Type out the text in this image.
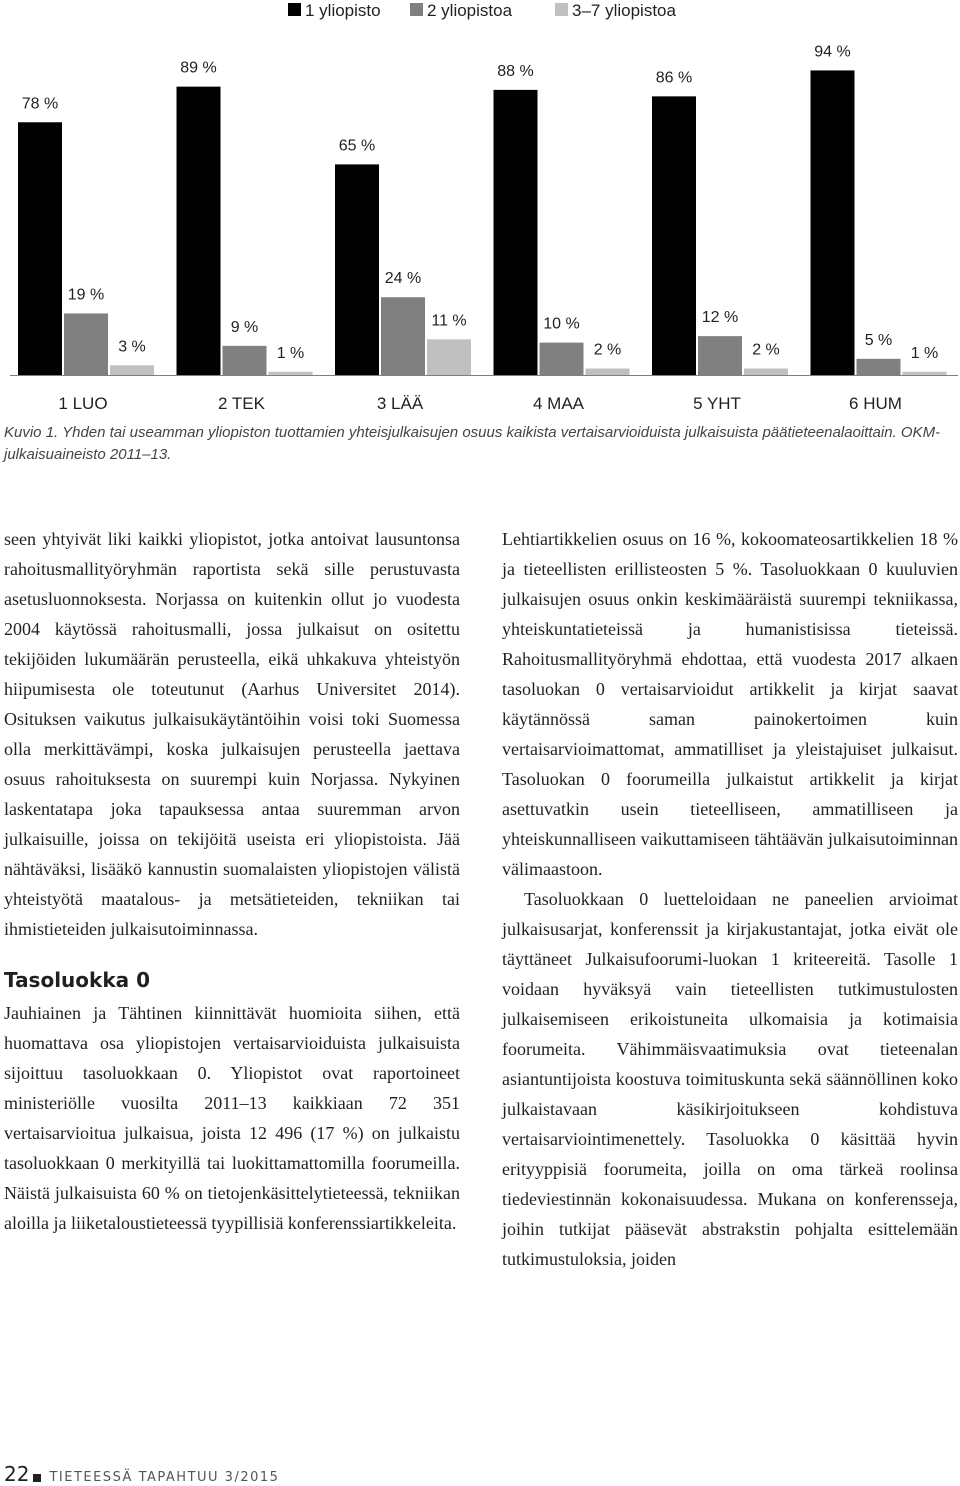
1 yliopisto	2 yliopistoa	3–7 yliopistoa
78 %
19 %
3 %
1 LUO
89 %
9 %
1 %
2 TEK
65 %
24 %
11 %
3 LÄÄ
88 %
10 %
2 %
4 MAA
86 %
12 %
2 %
5 YHT
94 %
5 %
1 %
6 HUM

Kuvio 1. Yhden tai useamman yliopiston tuottamien yhteisjulkaisujen osuus kaikista vertaisarvioiduista julkaisuista päätieteenalaoittain. OKM-julkaisuaineisto 2011–13.

seen yhtyivät liki kaikki yliopistot, jotka antoivat lausuntonsa rahoitusmallityöryhmän raportista sekä sille perustuvasta asetusluonnoksesta. Norjassa on kuitenkin ollut jo vuodesta 2004 käytössä rahoitusmalli, jossa julkaisut on ositettu tekijöiden lukumäärän perusteella, eikä uhkakuva yhteistyön hiipumisesta ole toteutunut (Aarhus Universitet 2014). Osituksen vaikutus julkaisukäytäntöihin voisi toki Suomessa olla merkittävämpi, koska julkaisujen perusteella jaettava osuus rahoituksesta on suurempi kuin Norjassa. Nykyinen laskentatapa joka tapauksessa antaa suuremman arvon julkaisuille, joissa on tekijöitä useista eri yliopistoista. Jää nähtäväksi, lisääkö kannustin suomalaisten yliopistojen välistä yhteistyötä maatalous- ja metsätieteiden, tekniikan tai ihmistieteiden julkaisutoiminnassa.

Tasoluokka 0

Jauhiainen ja Tähtinen kiinnittävät huomioita siihen, että huomattava osa yliopistojen vertaisarvioiduista julkaisuista sijoittuu tasoluokkaan 0. Yliopistot ovat raportoineet ministeriölle vuosilta 2011–13 kaikkiaan 72 351 vertaisarvioitua julkaisua, joista 12 496 (17 %) on julkaistu tasoluokkaan 0 merkityillä tai luokittamattomilla foorumeilla. Näistä julkaisuista 60 % on tietojenkäsittelytieteessä, tekniikan aloilla ja liiketaloustieteessä tyypillisiä konferenssiartikkeleita.

Lehtiartikkelien osuus on 16 %, kokoomateosartikkelien 18 % ja tieteellisten erillisteosten 5 %. Tasoluokkaan 0 kuuluvien julkaisujen osuus onkin keskimääräistä suurempi tekniikassa, yhteiskuntatieteissä ja humanistisissa tieteissä. Rahoitusmallityöryhmä ehdottaa, että vuodesta 2017 alkaen tasoluokan 0 vertaisarvioidut artikkelit ja kirjat saavat käytännössä saman painokertoimen kuin vertaisarvioimattomat, ammatilliset ja yleistajuiset julkaisut. Tasoluokan 0 foorumeilla julkaistut artikkelit ja kirjat asettuvatkin usein tieteelliseen, ammatilliseen ja yhteiskunnalliseen vaikuttamiseen tähtäävän julkaisutoiminnan välimaastoon.

Tasoluokkaan 0 luetteloidaan ne paneelien arvioimat julkaisusarjat, konferenssit ja kirjakustantajat, jotka eivät ole täyttäneet Julkaisufoorumi-luokan 1 kriteereitä. Tasolle 1 voidaan hyväksyä vain tieteellisten tutkimustulosten julkaisemiseen erikoistuneita ulkomaisia ja kotimaisia foorumeita. Vähimmäisvaatimuksia ovat tieteenalan asiantuntijoista koostuva toimituskunta sekä säännöllinen koko julkaistavaan käsikirjoitukseen kohdistuva vertaisarviointimenettely. Tasoluokka 0 käsittää hyvin erityyppisiä foorumeita, joilla on oma tärkeä roolinsa tiedeviestinnän kokonaisuudessa. Mukana on konferensseja, joihin tutkijat pääsevät abstrakstin pohjalta esittelemään tutkimustuloksia, joiden

22 TIETEESSÄ TAPAHTUU 3/2015
